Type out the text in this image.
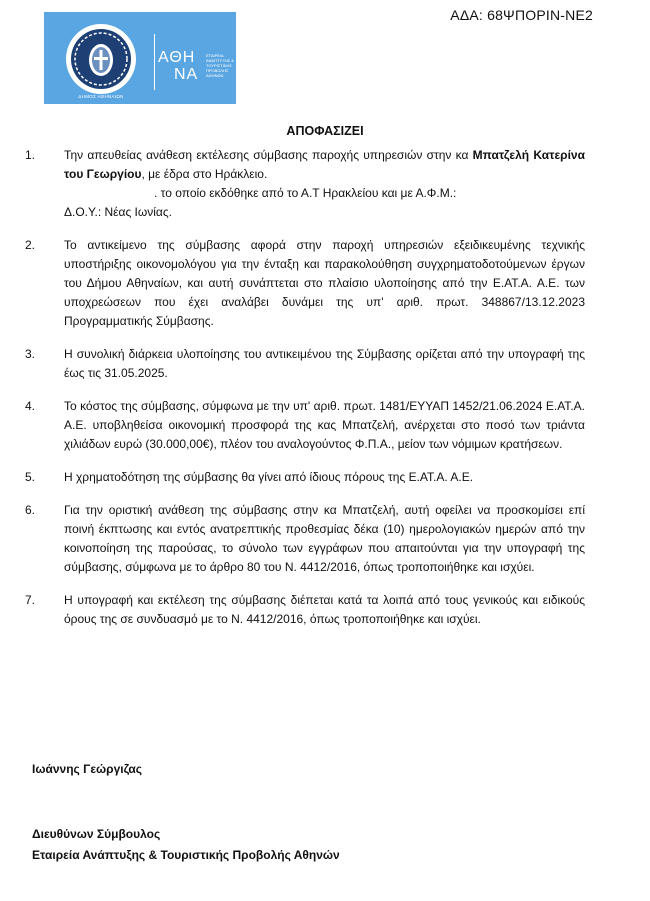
ΑΔΑ: 68ΨΠΟΡΙΝ-ΝΕ2
ΔΗΜΟΣ ΑΘΗΝΑΙΩΝ
ΑΘΗ
ΝΑ
ΕΤΑΙΡΕΙΑ ΑΝΑΠΤΥΞΗΣ & ΤΟΥΡΙΣΤΙΚΗΣ ΠΡΟΒΟΛΗΣ ΑΘΗΝΩΝ
ΑΠΟΦΑΣΙΖΕΙ
1. Την απευθείας ανάθεση εκτέλεσης σύμβασης παροχής υπηρεσιών στην κα Μπατζελή Κατερίνα του Γεωργίου, με έδρα στο Ηράκλειο.

. το οποίο εκδόθηκε από το Α.Τ Ηρακλείου και με Α.Φ.Μ.:

Δ.Ο.Υ.: Νέας Ιωνίας.

2. Το αντικείμενο της σύμβασης αφορά στην παροχή υπηρεσιών εξειδικευμένης τεχνικής υποστήριξης οικονομολόγου για την ένταξη και παρακολούθηση συγχρηματοδοτούμενων έργων του Δήμου Αθηναίων, και αυτή συνάπτεται στο πλαίσιο υλοποίησης από την Ε.ΑΤ.Α. Α.Ε. των υποχρεώσεων που έχει αναλάβει δυνάμει της υπ' αριθ. πρωτ. 348867/13.12.2023 Προγραμματικής Σύμβασης.

3. Η συνολική διάρκεια υλοποίησης του αντικειμένου της Σύμβασης ορίζεται από την υπογραφή της έως τις 31.05.2025.

4. Το κόστος της σύμβασης, σύμφωνα με την υπ' αριθ. πρωτ. 1481/ΕΥΥΑΠ 1452/21.06.2024 Ε.ΑΤ.Α. Α.Ε. υποβληθείσα οικονομική προσφορά της κας Μπατζελή, ανέρχεται στο ποσό των τριάντα χιλιάδων ευρώ (30.000,00€), πλέον του αναλογούντος Φ.Π.Α., μείον των νόμιμων κρατήσεων.

5. Η χρηματοδότηση της σύμβασης θα γίνει από ίδιους πόρους της Ε.ΑΤ.Α. Α.Ε.

6. Για την οριστική ανάθεση της σύμβασης στην κα Μπατζελή, αυτή οφείλει να προσκομίσει επί ποινή έκπτωσης και εντός ανατρεπτικής προθεσμίας δέκα (10) ημερολογιακών ημερών από την κοινοποίηση της παρούσας, το σύνολο των εγγράφων που απαιτούνται για την υπογραφή της σύμβασης, σύμφωνα με το άρθρο 80 του Ν. 4412/2016, όπως τροποποιήθηκε και ισχύει.

7. Η υπογραφή και εκτέλεση της σύμβασης διέπεται κατά τα λοιπά από τους γενικούς και ειδικούς όρους της σε συνδυασμό με το Ν. 4412/2016, όπως τροποποιήθηκε και ισχύει.

Ιωάννης Γεώργιζας
Διευθύνων Σύμβουλος
Εταιρεία Ανάπτυξης & Τουριστικής Προβολής Αθηνών
